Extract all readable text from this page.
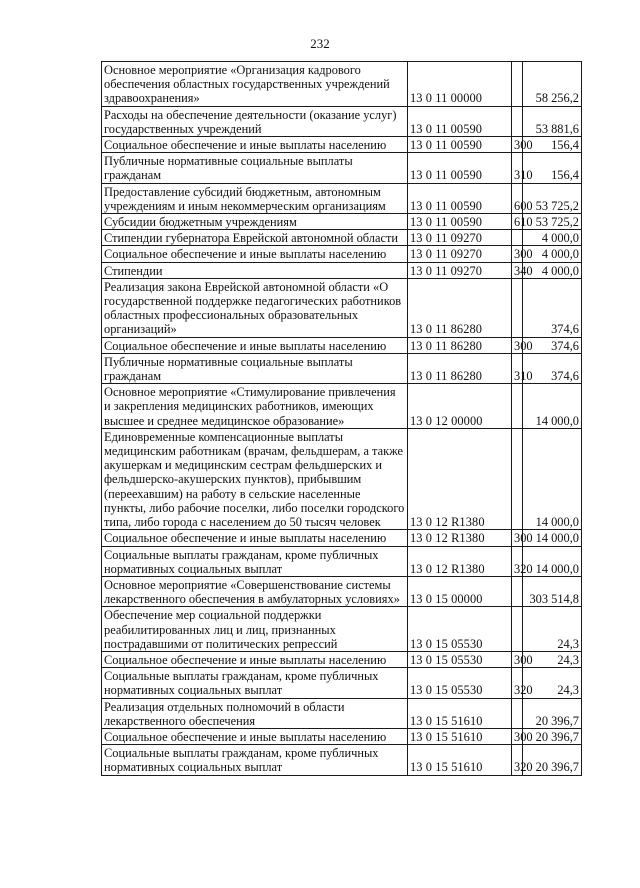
232
Основное мероприятие «Организация кадрового обеспечения областных государственных учреждений здравоохранения»	13 0 11 00000		58 256,2
Расходы на обеспечение деятельности (оказание услуг) государственных учреждений	13 0 11 00590		53 881,6
Социальное обеспечение и иные выплаты населению	13 0 11 00590	300	156,4
Публичные нормативные социальные выплаты гражданам	13 0 11 00590	310	156,4
Предоставление субсидий бюджетным, автономным учреждениям и иным некоммерческим организациям	13 0 11 00590	600	53 725,2
Субсидии бюджетным учреждениям	13 0 11 00590	610	53 725,2
Стипендии губернатора Еврейской автономной области	13 0 11 09270		4 000,0
Социальное обеспечение и иные выплаты населению	13 0 11 09270	300	4 000,0
Стипендии	13 0 11 09270	340	4 000,0
Реализация закона Еврейской автономной области «О государственной поддержке педагогических работников областных профессиональных образовательных организаций»	13 0 11 86280		374,6
Социальное обеспечение и иные выплаты населению	13 0 11 86280	300	374,6
Публичные нормативные социальные выплаты гражданам	13 0 11 86280	310	374,6
Основное мероприятие «Стимулирование привлечения и закрепления медицинских работников, имеющих высшее и среднее медицинское образование»	13 0 12 00000		14 000,0
Единовременные компенсационные выплаты медицинским работникам (врачам, фельдшерам, а также акушеркам и медицинским сестрам фельдшерских и фельдшерско-акушерских пунктов), прибывшим (переехавшим) на работу в сельские населенные пункты, либо рабочие поселки, либо поселки городского типа, либо города с населением до 50 тысяч человек	13 0 12 R1380		14 000,0
Социальное обеспечение и иные выплаты населению	13 0 12 R1380	300	14 000,0
Социальные выплаты гражданам, кроме публичных нормативных социальных выплат	13 0 12 R1380	320	14 000,0
Основное мероприятие «Совершенствование системы лекарственного обеспечения в амбулаторных условиях»	13 0 15 00000		303 514,8
Обеспечение мер социальной поддержки реабилитированных лиц и лиц, признанных пострадавшими от политических репрессий	13 0 15 05530		24,3
Социальное обеспечение и иные выплаты населению	13 0 15 05530	300	24,3
Социальные выплаты гражданам, кроме публичных нормативных социальных выплат	13 0 15 05530	320	24,3
Реализация отдельных полномочий в области лекарственного обеспечения	13 0 15 51610		20 396,7
Социальное обеспечение и иные выплаты населению	13 0 15 51610	300	20 396,7
Социальные выплаты гражданам, кроме публичных нормативных социальных выплат	13 0 15 51610	320	20 396,7
